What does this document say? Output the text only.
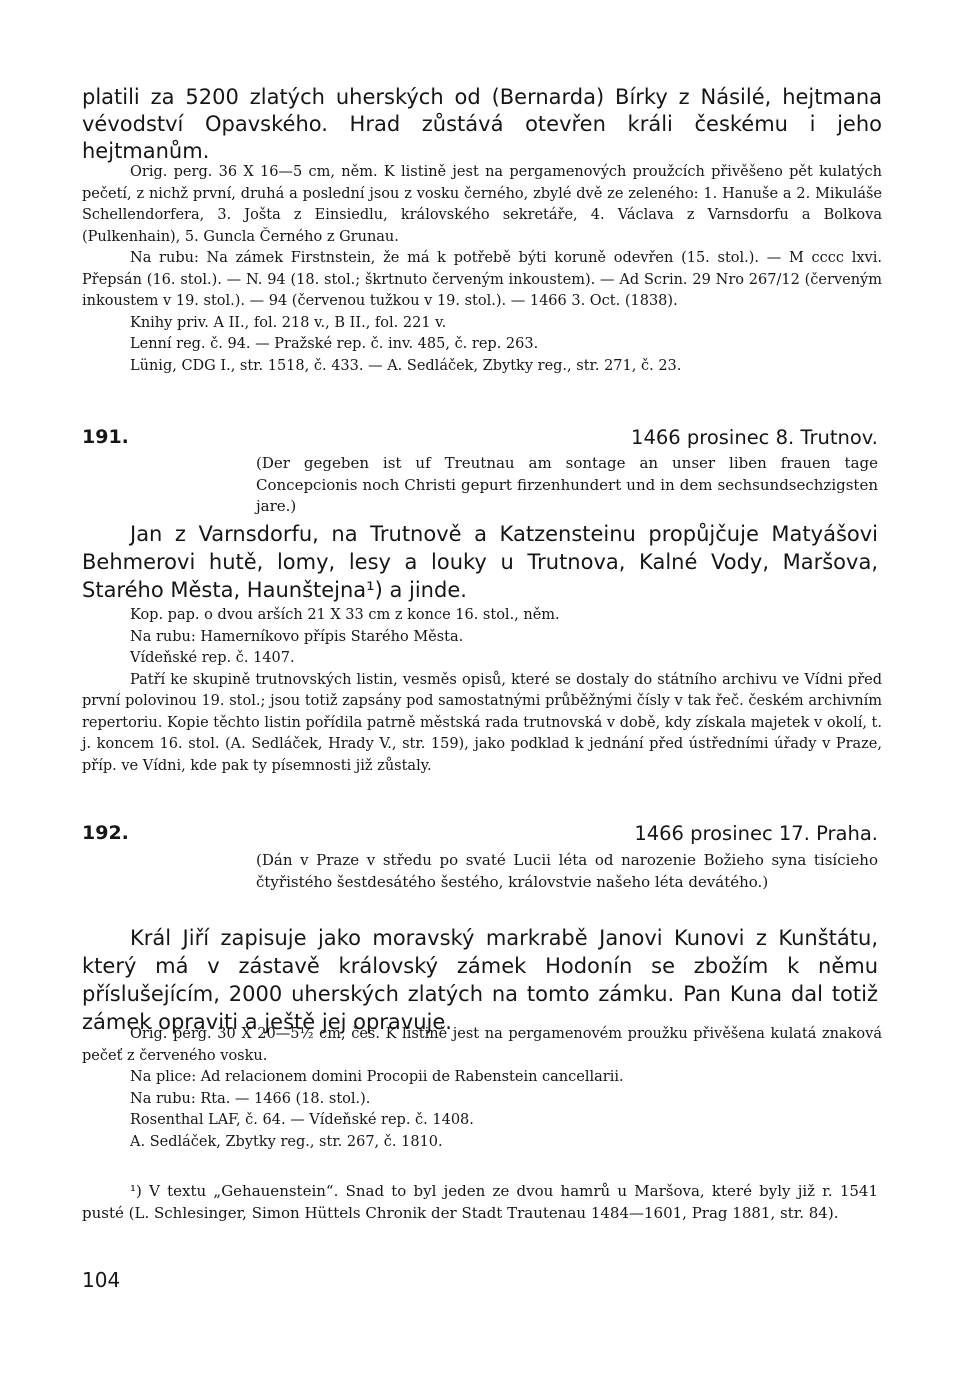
platili za 5200 zlatých uherských od (Bernarda) Bírky z Násilé, hejtmana vévodství Opavského. Hrad zůstává otevřen králi českému i jeho hejtmanům.

Orig. perg. 36 X 16—5 cm, něm. K listině jest na pergamenových proužcích přivěšeno pět kulatých pečetí, z nichž první, druhá a poslední jsou z vosku černého, zbylé dvě ze zeleného: 1. Hanuše a 2. Mikuláše Schellendorfera, 3. Jošta z Einsiedlu, královského sekretáře, 4. Václava z Varnsdorfu a Bolkova (Pulkenhain), 5. Guncla Černého z Grunau.

Na rubu: Na zámek Firstnstein, že má k potřebě býti koruně odevřen (15. stol.). — M cccc lxvi. Přepsán (16. stol.). — N. 94 (18. stol.; škrtnuto červeným inkoustem). — Ad Scrin. 29 Nro 267/12 (červeným inkoustem v 19. stol.). — 94 (červenou tužkou v 19. stol.). — 1466 3. Oct. (1838).

Knihy priv. A II., fol. 218 v., B II., fol. 221 v.

Lenní reg. č. 94. — Pražské rep. č. inv. 485, č. rep. 263.

Lünig, CDG I., str. 1518, č. 433. — A. Sedláček, Zbytky reg., str. 271, č. 23.

191.	1466 prosinec 8. Trutnov.
(Der gegeben ist uf Treutnau am sontage an unser liben frauen tage Concepcionis noch Christi gepurt firzenhundert und in dem sechsundsechzigsten jare.)

Jan z Varnsdorfu, na Trutnově a Katzensteinu propůjčuje Matyášovi Behmerovi hutě, lomy, lesy a louky u Trutnova, Kalné Vody, Maršova, Starého Města, Haunštejna¹) a jinde.

Kop. pap. o dvou arších 21 X 33 cm z konce 16. stol., něm.

Na rubu: Hamerníkovo přípis Starého Města.

Vídeňské rep. č. 1407.

Patří ke skupině trutnovských listin, vesměs opisů, které se dostaly do státního archivu ve Vídni před první polovinou 19. stol.; jsou totiž zapsány pod samostatnými průběžnými čísly v tak řeč. českém archivním repertoriu. Kopie těchto listin pořídila patrně městská rada trutnovská v době, kdy získala majetek v okolí, t. j. koncem 16. stol. (A. Sedláček, Hrady V., str. 159), jako podklad k jednání před ústředními úřady v Praze, příp. ve Vídni, kde pak ty písemnosti již zůstaly.

192.	1466 prosinec 17. Praha.
(Dán v Praze v středu po svaté Lucii léta od narozenie Božieho syna tisícieho čtyřistého šestdesátého šestého, královstvie našeho léta devátého.)

Král Jiří zapisuje jako moravský markrabě Janovi Kunovi z Kunštátu, který má v zástavě královský zámek Hodonín se zbožím k němu příslušejícím, 2000 uherských zlatých na tomto zámku. Pan Kuna dal totiž zámek opraviti a ještě jej opravuje.

Orig. perg. 30 X 20—5½ cm, čes. K listině jest na pergamenovém proužku přivěšena kulatá znaková pečeť z červeného vosku.

Na plice: Ad relacionem domini Procopii de Rabenstein cancellarii.

Na rubu: Rta. — 1466 (18. stol.).

Rosenthal LAF, č. 64. — Vídeňské rep. č. 1408.

A. Sedláček, Zbytky reg., str. 267, č. 1810.

¹) V textu „Gehauenstein“. Snad to byl jeden ze dvou hamrů u Maršova, které byly již r. 1541 pusté (L. Schlesinger, Simon Hüttels Chronik der Stadt Trautenau 1484—1601, Prag 1881, str. 84).

104
